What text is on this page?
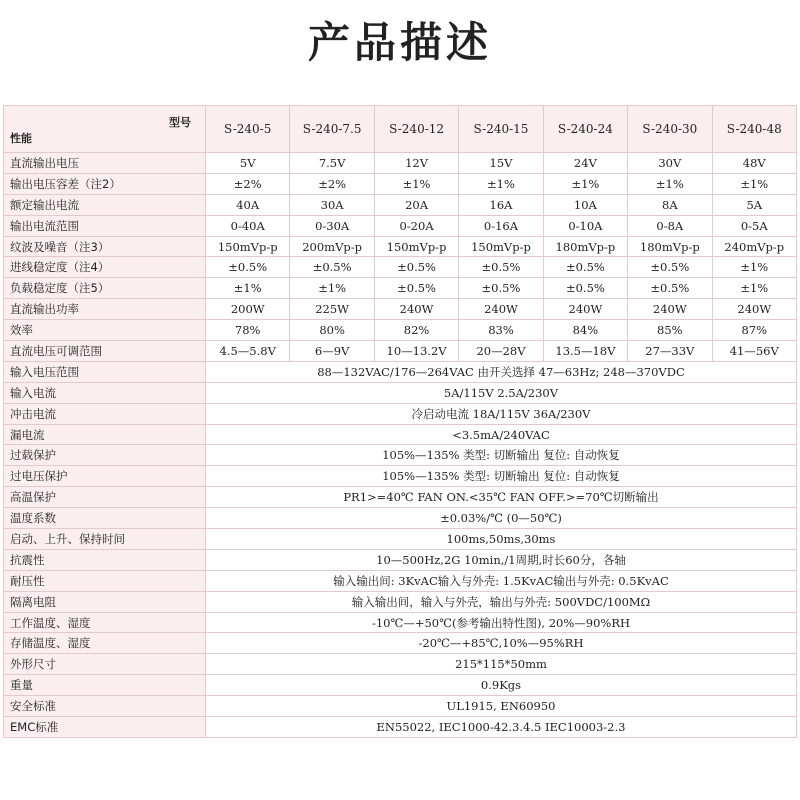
产品描述
型号
性能	S-240-5	S-240-7.5	S-240-12	S-240-15	S-240-24	S-240-30	S-240-48
直流输出电压	5V	7.5V	12V	15V	24V	30V	48V
输出电压容差（注2）	±2%	±2%	±1%	±1%	±1%	±1%	±1%
额定输出电流	40A	30A	20A	16A	10A	8A	5A
输出电流范围	0-40A	0-30A	0-20A	0-16A	0-10A	0-8A	0-5A
纹波及噪音（注3）	150mVp-p	200mVp-p	150mVp-p	150mVp-p	180mVp-p	180mVp-p	240mVp-p
进线稳定度（注4）	±0.5%	±0.5%	±0.5%	±0.5%	±0.5%	±0.5%	±1%
负载稳定度（注5）	±1%	±1%	±0.5%	±0.5%	±0.5%	±0.5%	±1%
直流输出功率	200W	225W	240W	240W	240W	240W	240W
效率	78%	80%	82%	83%	84%	85%	87%
直流电压可调范围	4.5—5.8V	6—9V	10—13.2V	20—28V	13.5—18V	27—33V	41—56V
输入电压范围	88—132VAC/176—264VAC 由开关选择 47—63Hz; 248—370VDC						
输入电流	5A/115V 2.5A/230V						
冲击电流	冷启动电流 18A/115V 36A/230V						
漏电流	<3.5mA/240VAC						
过载保护	105%—135% 类型: 切断输出 复位: 自动恢复						
过电压保护	105%—135% 类型: 切断输出 复位: 自动恢复						
高温保护	PR1>=40℃ FAN ON.<35℃ FAN OFF.>=70℃切断输出						
温度系数	±0.03%/℃ (0—50℃)						
启动、上升、保持时间	100ms,50ms,30ms						
抗震性	10—500Hz,2G 10min,/1周期,时长60分，各轴						
耐压性	输入输出间: 3KvAC输入与外壳: 1.5KvAC输出与外壳: 0.5KvAC						
隔离电阻	输入输出间，输入与外壳，输出与外壳: 500VDC/100MΩ						
工作温度、湿度	-10℃—+50℃(参考输出特性图), 20%—90%RH						
存储温度、湿度	-20℃—+85℃,10%—95%RH						
外形尺寸	215*115*50mm						
重量	0.9Kgs						
安全标准	UL1915, EN60950						
EMC标准	EN55022, IEC1000-42.3.4.5 IEC10003-2.3						
